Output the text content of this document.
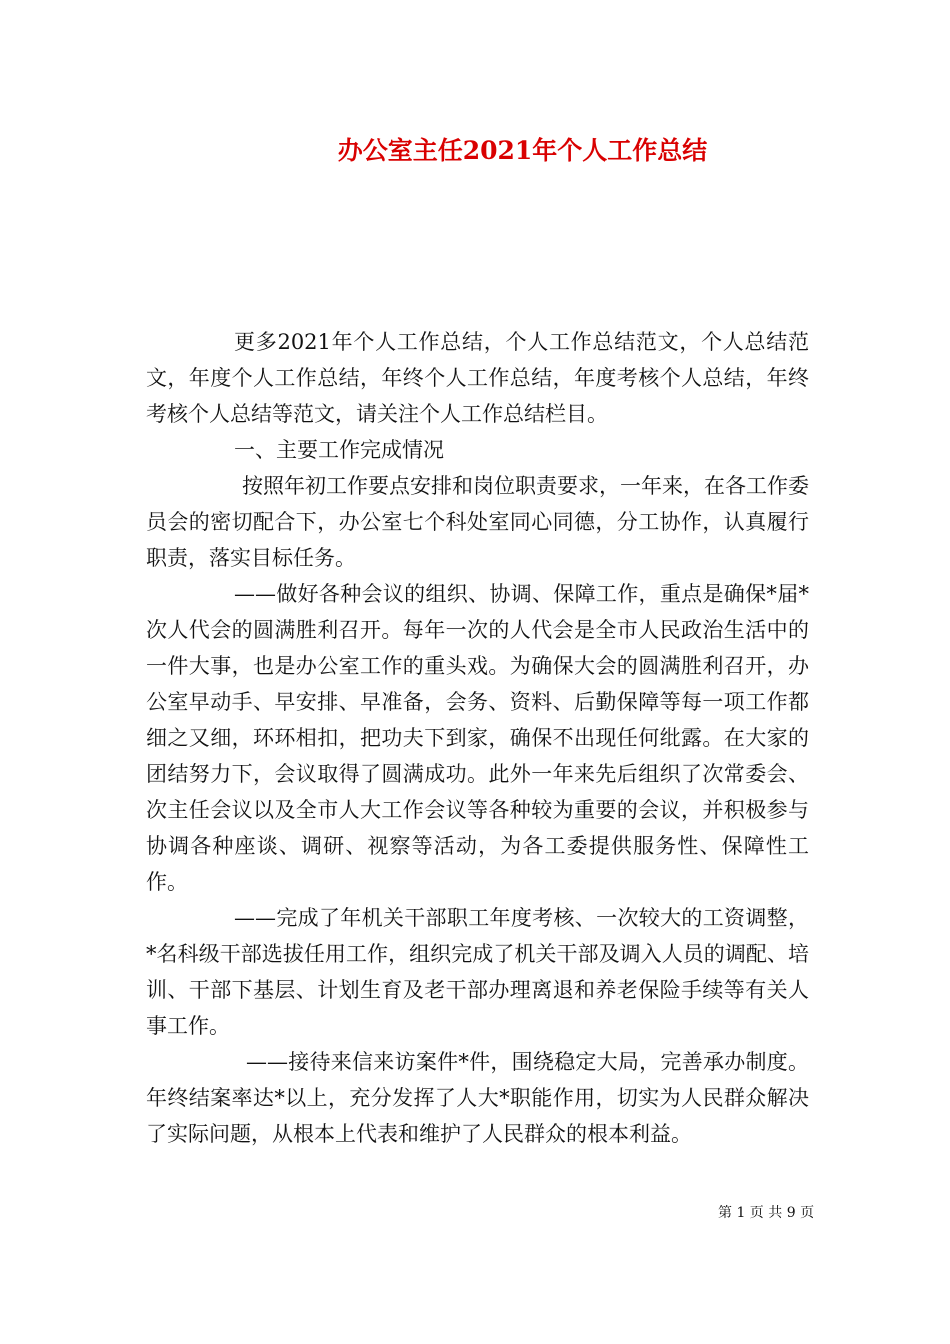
办公室主任2021年个人工作总结

更多2021年个人工作总结，个人工作总结范文，个人总结范文，年度个人工作总结，年终个人工作总结，年度考核个人总结，年终考核个人总结等范文，请关注个人工作总结栏目。

一、主要工作完成情况

按照年初工作要点安排和岗位职责要求，一年来，在各工作委员会的密切配合下，办公室七个科处室同心同德，分工协作，认真履行职责，落实目标任务。

——做好各种会议的组织、协调、保障工作，重点是确保*届*次人代会的圆满胜利召开。每年一次的人代会是全市人民政治生活中的一件大事，也是办公室工作的重头戏。为确保大会的圆满胜利召开，办公室早动手、早安排、早准备，会务、资料、后勤保障等每一项工作都细之又细，环环相扣，把功夫下到家，确保不出现任何纰露。在大家的团结努力下，会议取得了圆满成功。此外一年来先后组织了次常委会、次主任会议以及全市人大工作会议等各种较为重要的会议，并积极参与协调各种座谈、调研、视察等活动，为各工委提供服务性、保障性工作。

——完成了年机关干部职工年度考核、一次较大的工资调整，*名科级干部选拔任用工作，组织完成了机关干部及调入人员的调配、培训、干部下基层、计划生育及老干部办理离退和养老保险手续等有关人事工作。

——接待来信来访案件*件，围绕稳定大局，完善承办制度。年终结案率达*以上，充分发挥了人大*职能作用，切实为人民群众解决了实际问题，从根本上代表和维护了人民群众的根本利益。

第 1 页 共 9 页
